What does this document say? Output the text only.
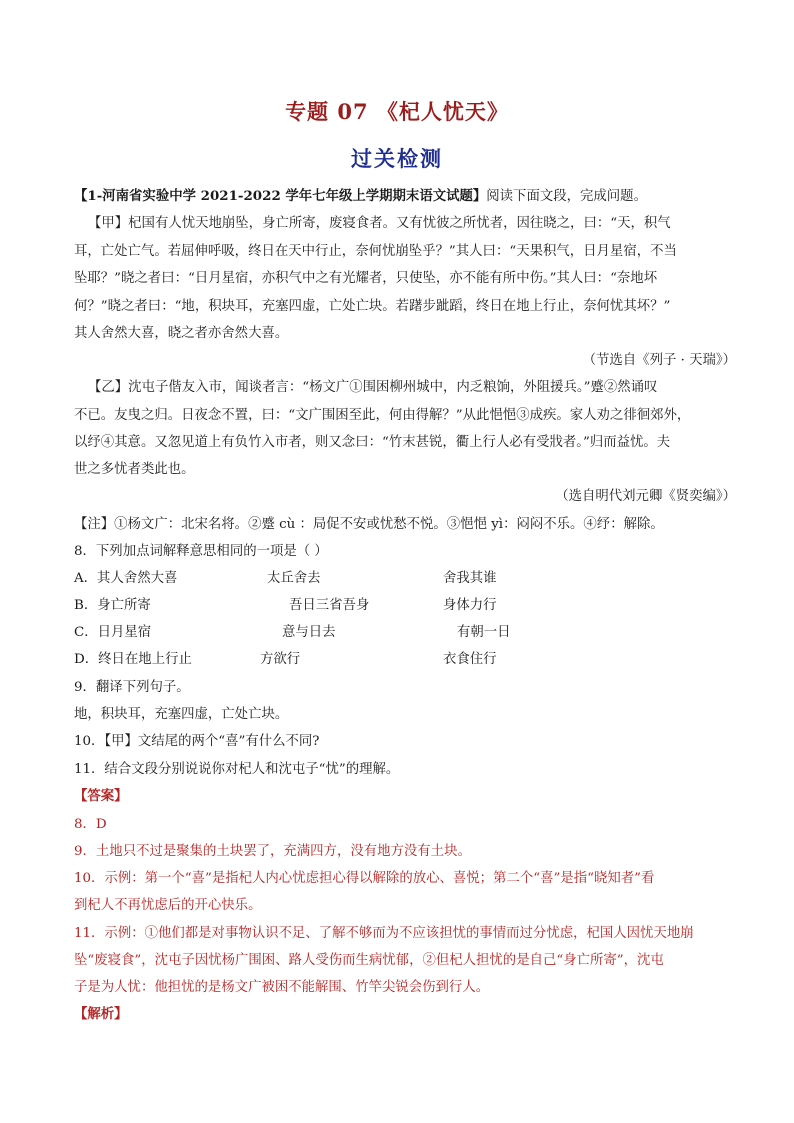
专题 07 《杞人忧天》
过关检测
【1-河南省实验中学 2021-2022 学年七年级上学期期末语文试题】阅读下面文段，完成问题。
【甲】杞国有人忧天地崩坠，身亡所寄，废寝食者。又有忧彼之所忧者，因往晓之，曰：“天，积气
耳，亡处亡气。若屈伸呼吸，终日在天中行止，奈何忧崩坠乎？”其人曰：“天果积气，日月星宿，不当
坠耶？”晓之者曰：“日月星宿，亦积气中之有光耀者，只使坠，亦不能有所中伤。”其人曰：“奈地坏
何？”晓之者曰：“地，积块耳，充塞四虚，亡处亡块。若躇步跐蹈，终日在地上行止，奈何忧其坏？”
其人舍然大喜，晓之者亦舍然大喜。
（节选自《列子 · 天瑞》）
【乙】沈屯子偕友入市，闻谈者言：“杨文广①围困柳州城中，内乏粮饷，外阻援兵。”蹙②然诵叹
不已。友曳之归。日夜念不置，曰：“文广围困至此，何由得解？”从此悒悒③成疾。家人劝之徘徊郊外，
以纾④其意。又忽见道上有负竹入市者，则又念曰：“竹末甚锐，衢上行人必有受戕者。”归而益忧。夫
世之多忧者类此也。
（选自明代刘元卿《贤奕编》）
【注】①杨文广：北宋名将。②蹙 cù ：局促不安或忧愁不悦。③悒悒 yì：闷闷不乐。④纾：解除。
8．下列加点词解释意思相同的一项是（ ）
A．其人舍然大喜	太丘舍去	舍我其谁
B．身亡所寄	吾日三省吾身	身体力行
C．日月星宿	意与日去	有朝一日
D．终日在地上行止	方欲行	衣食住行
9．翻译下列句子。
地，积块耳，充塞四虚，亡处亡块。
10．【甲】文结尾的两个“喜”有什么不同?
11．结合文段分别说说你对杞人和沈屯子“忧”的理解。
【答案】
8．D
9．土地只不过是聚集的土块罢了，充满四方，没有地方没有土块。
10．示例：第一个“喜”是指杞人内心忧虑担心得以解除的放心、喜悦；第二个“喜”是指“晓知者”看
到杞人不再忧虑后的开心快乐。
11．示例：①他们都是对事物认识不足、了解不够而为不应该担忧的事情而过分忧虑，杞国人因忧天地崩
坠“废寝食”，沈屯子因忧杨广围困、路人受伤而生病忧郁，②但杞人担忧的是自己“身亡所寄”，沈屯
子是为人忧：他担忧的是杨文广被困不能解围、竹竿尖锐会伤到行人。
【解析】
